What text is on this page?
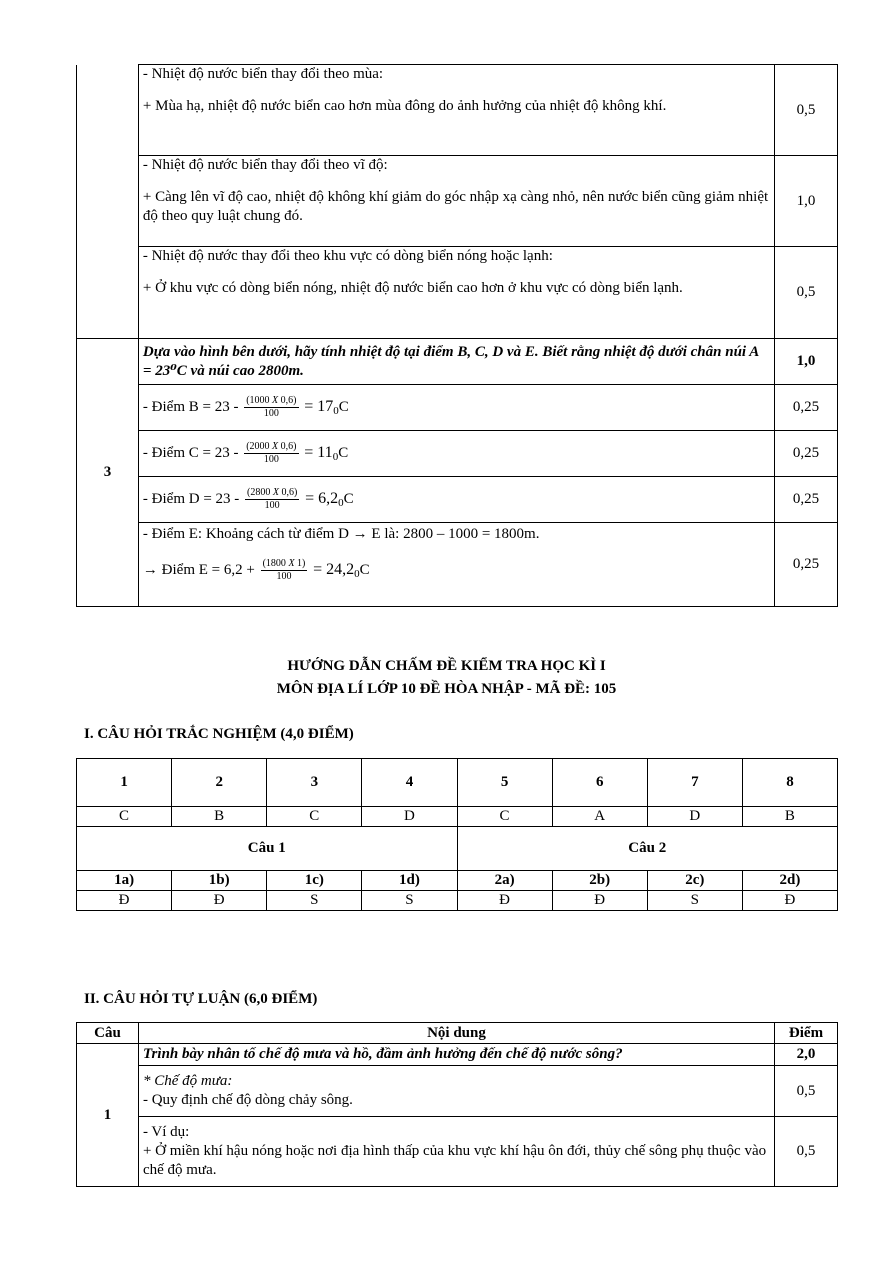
	- Nhiệt độ nước biển thay đổi theo mùa:
+ Mùa hạ, nhiệt độ nước biển cao hơn mùa đông do ảnh hưởng của nhiệt độ không khí.	0,5

	- Nhiệt độ nước biển thay đổi theo vĩ độ:
+ Càng lên vĩ độ cao, nhiệt độ không khí giảm do góc nhập xạ càng nhỏ, nên nước biển cũng giảm nhiệt độ theo quy luật chung đó.	1,0

	- Nhiệt độ nước thay đổi theo khu vực có dòng biển nóng hoặc lạnh:
+ Ở khu vực có dòng biển nóng, nhiệt độ nước biển cao hơn ở khu vực có dòng biển lạnh.	0,5
3	Dựa vào hình bên dưới, hãy tính nhiệt độ tại điểm B, C, D và E. Biết rằng nhiệt độ dưới chân núi A = 23⁰C và núi cao 2800m.	1,0
	- Điểm $B = 23 - \frac{(1000 X 0,6)}{100} = 17_0C$	0,25
	- Điểm $C = 23 - \frac{(2000 X 0,6)}{100} = 11_0C$	0,25
	- Điểm $D = 23 - \frac{(2800 X 0,6)}{100} = 6,2_0C$	0,25

	- Điểm E: Khoảng cách từ điểm D → E là: 2800 – 1000 = 1800m.
→ Điểm $E = 6,2 + \frac{(1800 X 1)}{100} = 24,2_0C$	0,25
HƯỚNG DẪN CHẤM ĐỀ KIỂM TRA HỌC KÌ I
MÔN ĐỊA LÍ LỚP 10 ĐỀ HÒA NHẬP - MÃ ĐỀ: 105
I. CÂU HỎI TRẮC NGHIỆM (4,0 ĐIỂM)
1	2	3	4	5	6	7	8
C	B	C	D	C	A	D	B
Câu 1				Câu 2			
1a)	1b)	1c)	1d)	2a)	2b)	2c)	2d)
Đ	Đ	S	S	Đ	Đ	S	Đ
II. CÂU HỎI TỰ LUẬN (6,0 ĐIỂM)
Câu	Nội dung	Điểm
1	Trình bày nhân tố chế độ mưa và hồ, đầm ảnh hưởng đến chế độ nước sông?	2,0

	* Chế độ mưa:
- Quy định chế độ dòng chảy sông.	0,5

	- Ví dụ:
+ Ở miền khí hậu nóng hoặc nơi địa hình thấp của khu vực khí hậu ôn đới, thủy chế sông phụ thuộc vào chế độ mưa.	0,5
